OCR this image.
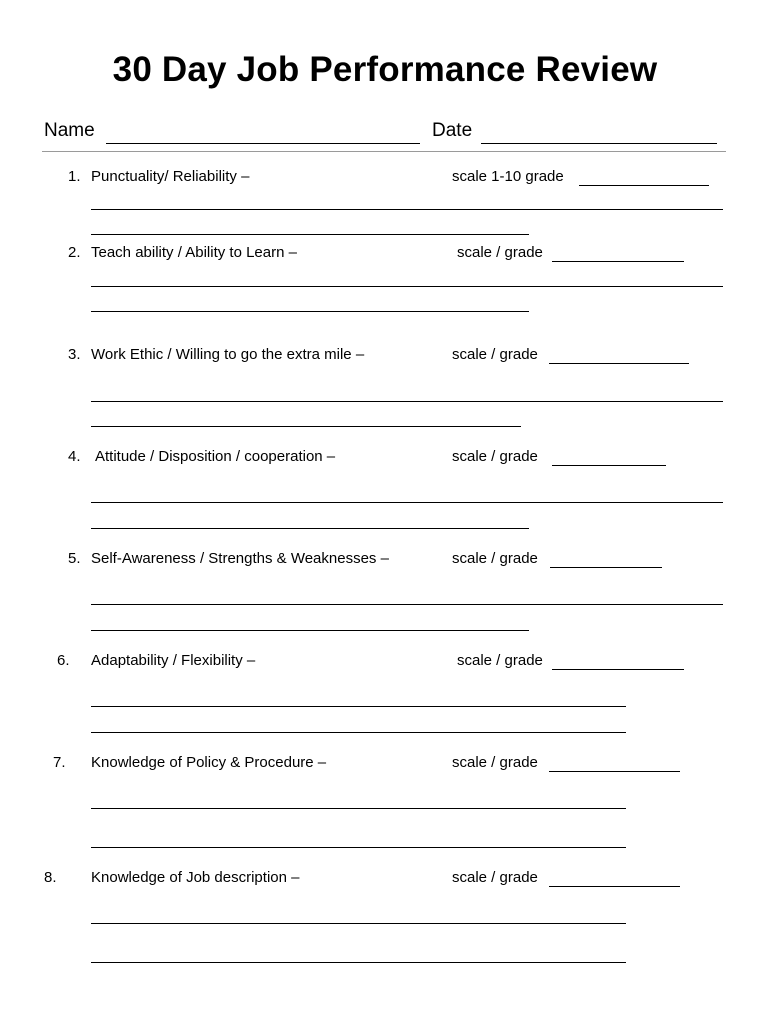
30 Day Job Performance Review
Name	Date
1. Punctuality/ Reliability –	scale 1-10 grade
2. Teach ability / Ability to Learn –	scale / grade
3. Work Ethic / Willing to go the extra mile –	scale / grade
4. Attitude / Disposition / cooperation –	scale / grade
5. Self-Awareness / Strengths & Weaknesses –	scale / grade
6. Adaptability / Flexibility –	scale / grade
7. Knowledge of Policy & Procedure –	scale / grade
8. Knowledge of Job description –	scale / grade
